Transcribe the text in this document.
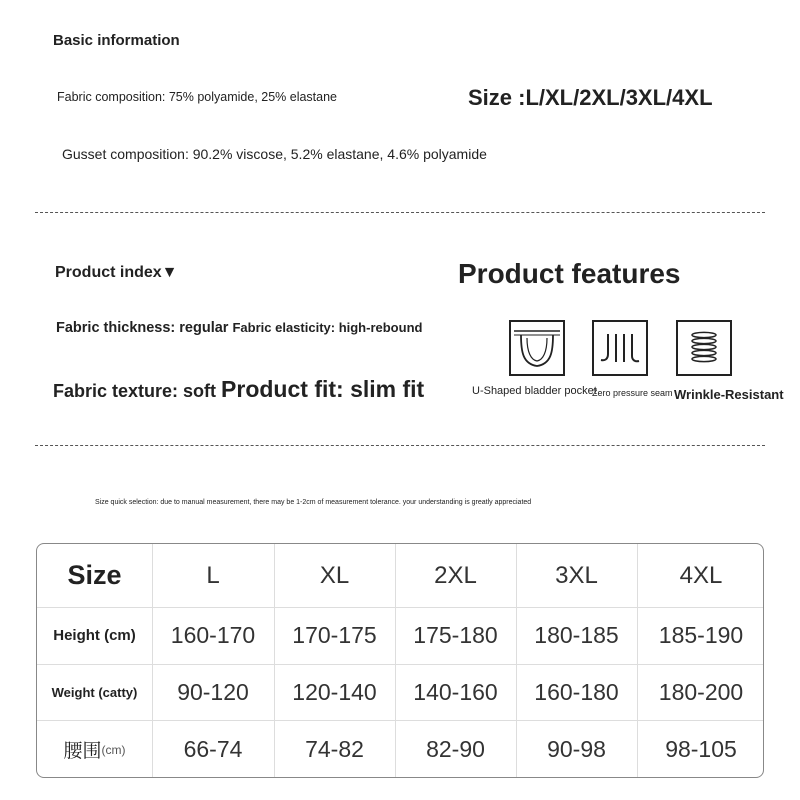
Basic information
Fabric composition: 75% polyamide, 25% elastane
Gusset composition: 90.2% viscose, 5.2% elastane, 4.6% polyamide
Size :L/XL/2XL/3XL/4XL
Product index▼	Product features
Fabric thickness: regular Fabric elasticity: high-rebound
Fabric texture: soft Product fit: slim fit	U-Shaped bladder pocket
Zero pressure seam Wrinkle-Resistant
Size quick selection: due to manual measurement, there may be 1-2cm of measurement tolerance. your understanding is greatly appreciated
Size	L	XL	2XL	3XL	4XL
Height (cm)	160-170	170-175	175-180	180-185	185-190
Weight (catty)	90-120	120-140	140-160	160-180	180-200
腰围 (cm)	66-74	74-82	82-90	90-98	98-105
